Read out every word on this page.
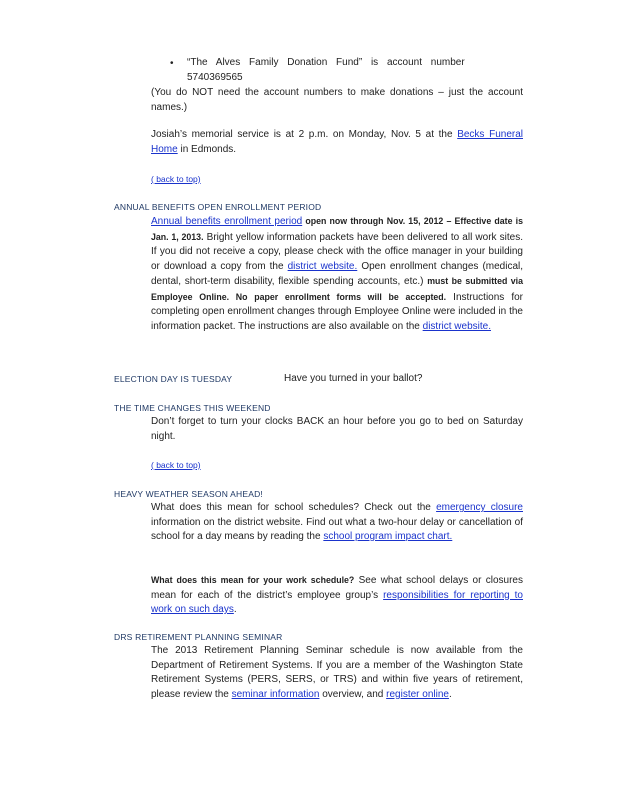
• “The Alves Family Donation Fund” is account number
5740369565
(You do NOT need the account numbers to make donations – just the account names.)
Josiah’s memorial service is at 2 p.m. on Monday, Nov. 5 at the Becks Funeral Home in Edmonds.
( back to top)
ANNUAL BENEFITS OPEN ENROLLMENT PERIOD
Annual benefits enrollment period open now through Nov. 15, 2012 – Effective date is Jan. 1, 2013. Bright yellow information packets have been delivered to all work sites. If you did not receive a copy, please check with the office manager in your building or download a copy from the district website. Open enrollment changes (medical, dental, short-term disability, flexible spending accounts, etc.) must be submitted via Employee Online. No paper enrollment forms will be accepted. Instructions for completing open enrollment changes through Employee Online were included in the information packet. The instructions are also available on the district website.
ELECTION DAY IS TUESDAY	Have you turned in your ballot?
THE TIME CHANGES THIS WEEKEND
Don’t forget to turn your clocks BACK an hour before you go to bed on Saturday night.
( back to top)
HEAVY WEATHER SEASON AHEAD!
What does this mean for school schedules? Check out the emergency closure information on the district website. Find out what a two-hour delay or cancellation of school for a day means by reading the school program impact chart.
What does this mean for your work schedule? See what school delays or closures mean for each of the district’s employee group’s responsibilities for reporting to work on such days.
DRS RETIREMENT PLANNING SEMINAR
The 2013 Retirement Planning Seminar schedule is now available from the Department of Retirement Systems. If you are a member of the Washington State Retirement Systems (PERS, SERS, or TRS) and within five years of retirement, please review the seminar information overview, and register online.
